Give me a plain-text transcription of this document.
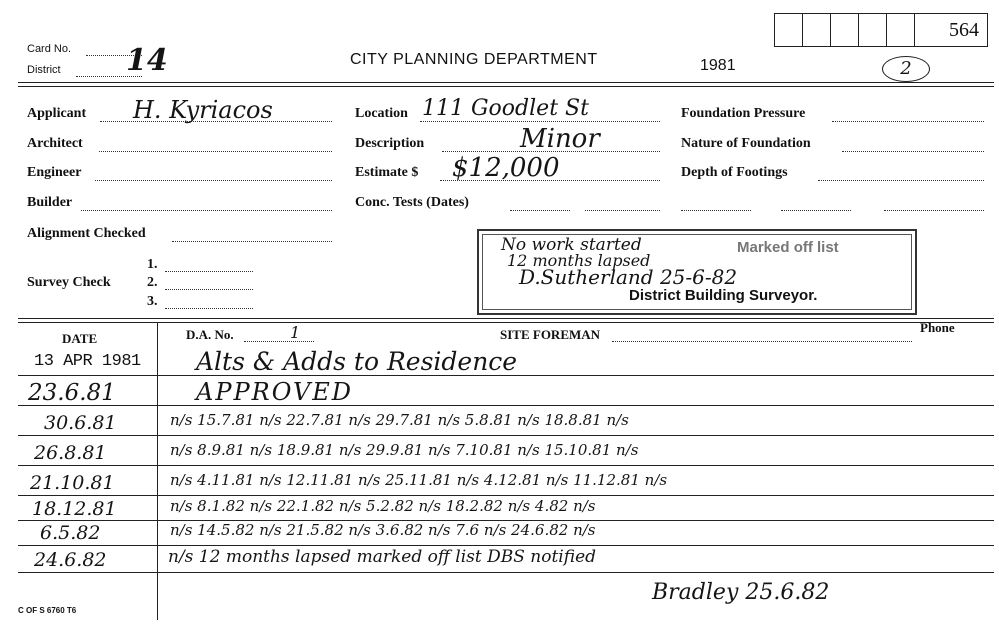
Card No.
District 14	CITY PLANNING DEPARTMENT	1981
564
2
Applicant H. Kyriacos
Architect
Engineer
Builder
Alignment Checked
Survey Check
1.
2.
3.
Location 111 Goodlet St
Description	Minor
Estimate $ $12,000
Conc. Tests (Dates)
Foundation Pressure
Nature of Foundation
Depth of Footings
No work started
12 months lapsed
Marked off list
D.Sutherland 25-6-82
District Building Surveyor.
DATE	D.A. No.	1	SITE FOREMAN	Phone
13 APR 1981 Alts & Adds to Residence
23.6.81	APPROVED
30.6.81	n/s 15.7.81 n/s 22.7.81 n/s 29.7.81 n/s 5.8.81 n/s 18.8.81 n/s
26.8.81	n/s 8.9.81 n/s 18.9.81 n/s 29.9.81 n/s 7.10.81 n/s 15.10.81 n/s
21.10.81	n/s 4.11.81 n/s 12.11.81 n/s 25.11.81 n/s 4.12.81 n/s 11.12.81 n/s
18.12.81	n/s 8.1.82 n/s 22.1.82 n/s 5.2.82 n/s 18.2.82 n/s 4.82 n/s
6.5.82	n/s 14.5.82 n/s 21.5.82 n/s 3.6.82 n/s 7.6 n/s 24.6.82 n/s
24.6.82	n/s 12 months lapsed marked off list DBS notified
Bradley 25.6.82
C OF S 6760 T6
